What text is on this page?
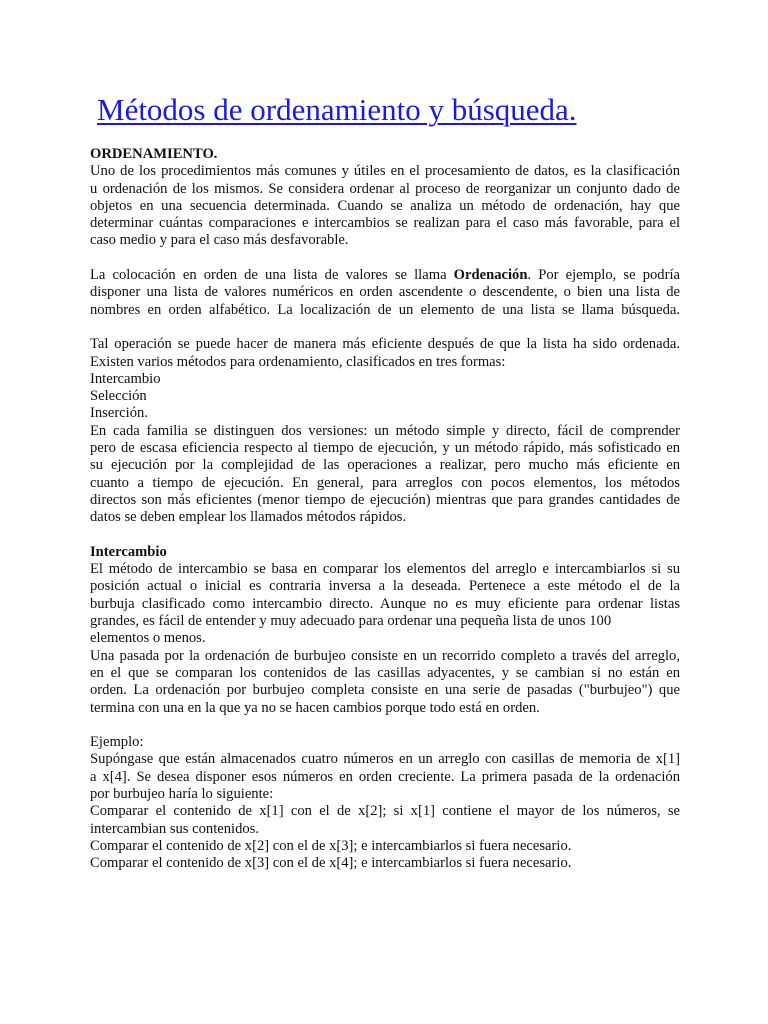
Métodos de ordenamiento y búsqueda.
ORDENAMIENTO.
Uno de los procedimientos más comunes y útiles en el procesamiento de datos, es la clasificación
u ordenación de los mismos. Se considera ordenar al proceso de reorganizar un conjunto dado de
objetos en una secuencia determinada. Cuando se analiza un método de ordenación, hay que
determinar cuántas comparaciones e intercambios se realizan para el caso más favorable, para el
caso medio y para el caso más desfavorable.
La colocación en orden de una lista de valores se llama Ordenación. Por ejemplo, se podría
disponer una lista de valores numéricos en orden ascendente o descendente, o bien una lista de
nombres en orden alfabético. La localización de un elemento de una lista se llama búsqueda.
Tal operación se puede hacer de manera más eficiente después de que la lista ha sido ordenada.
Existen varios métodos para ordenamiento, clasificados en tres formas:
Intercambio
Selección
Inserción.
En cada familia se distinguen dos versiones: un método simple y directo, fácil de comprender
pero de escasa eficiencia respecto al tiempo de ejecución, y un método rápido, más sofisticado en
su ejecución por la complejidad de las operaciones a realizar, pero mucho más eficiente en
cuanto a tiempo de ejecución. En general, para arreglos con pocos elementos, los métodos
directos son más eficientes (menor tiempo de ejecución) mientras que para grandes cantidades de
datos se deben emplear los llamados métodos rápidos.
Intercambio
El método de intercambio se basa en comparar los elementos del arreglo e intercambiarlos si su
posición actual o inicial es contraria inversa a la deseada. Pertenece a este método el de la
burbuja clasificado como intercambio directo. Aunque no es muy eficiente para ordenar listas
grandes, es fácil de entender y muy adecuado para ordenar una pequeña lista de unos 100
elementos o menos.
Una pasada por la ordenación de burbujeo consiste en un recorrido completo a través del arreglo,
en el que se comparan los contenidos de las casillas adyacentes, y se cambian si no están en
orden. La ordenación por burbujeo completa consiste en una serie de pasadas ("burbujeo") que
termina con una en la que ya no se hacen cambios porque todo está en orden.
Ejemplo:
Supóngase que están almacenados cuatro números en un arreglo con casillas de memoria de x[1]
a x[4]. Se desea disponer esos números en orden creciente. La primera pasada de la ordenación
por burbujeo haría lo siguiente:
Comparar el contenido de x[1] con el de x[2]; si x[1] contiene el mayor de los números, se
intercambian sus contenidos.
Comparar el contenido de x[2] con el de x[3]; e intercambiarlos si fuera necesario.
Comparar el contenido de x[3] con el de x[4]; e intercambiarlos si fuera necesario.
